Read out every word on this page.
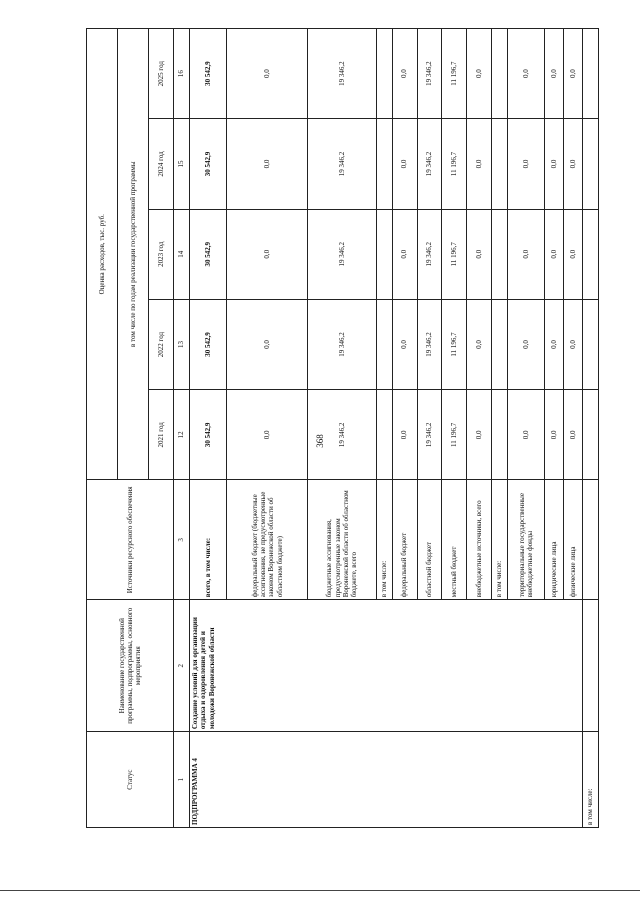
368
Статус	Наименование государственной программы, подпрограммы, основного мероприятия	Источники ресурсного обеспечения	Оценка расходов, тыс. руб.				
			в том числе по годам реализации государственной программы				
			2021 год	2022 год	2023 год	2024 год	2025 год
1	2	3	12	13	14	15	16
ПОДПРОГРАММА 4	Создание условий для организации отдыха и оздоровления детей и молодежи Воронежской области	всего, в том числе:	30 542,9	30 542,9	30 542,9	30 542,9	30 542,9
		федеральный бюджет (бюджетные ассигнования, не предусмотренные законом Воронежской области об областном бюджете)	0,0	0,0	0,0	0,0	0,0
		бюджетные ассигнования, предусмотренные законом Воронежской области об областном бюджете, всего	19 346,2	19 346,2	19 346,2	19 346,2	19 346,2
		в том числе:					
		федеральный бюджет	0,0	0,0	0,0	0,0	0,0
		областной бюджет	19 346,2	19 346,2	19 346,2	19 346,2	19 346,2
		местный бюджет	11 196,7	11 196,7	11 196,7	11 196,7	11 196,7
		внебюджетные источники, всего	0,0	0,0	0,0	0,0	0,0
		в том числе:					
		территориальные государственные внебюджетные фонды	0,0	0,0	0,0	0,0	0,0
		юридические лица	0,0	0,0	0,0	0,0	0,0
		физические лица	0,0	0,0	0,0	0,0	0,0
в том числе:							
